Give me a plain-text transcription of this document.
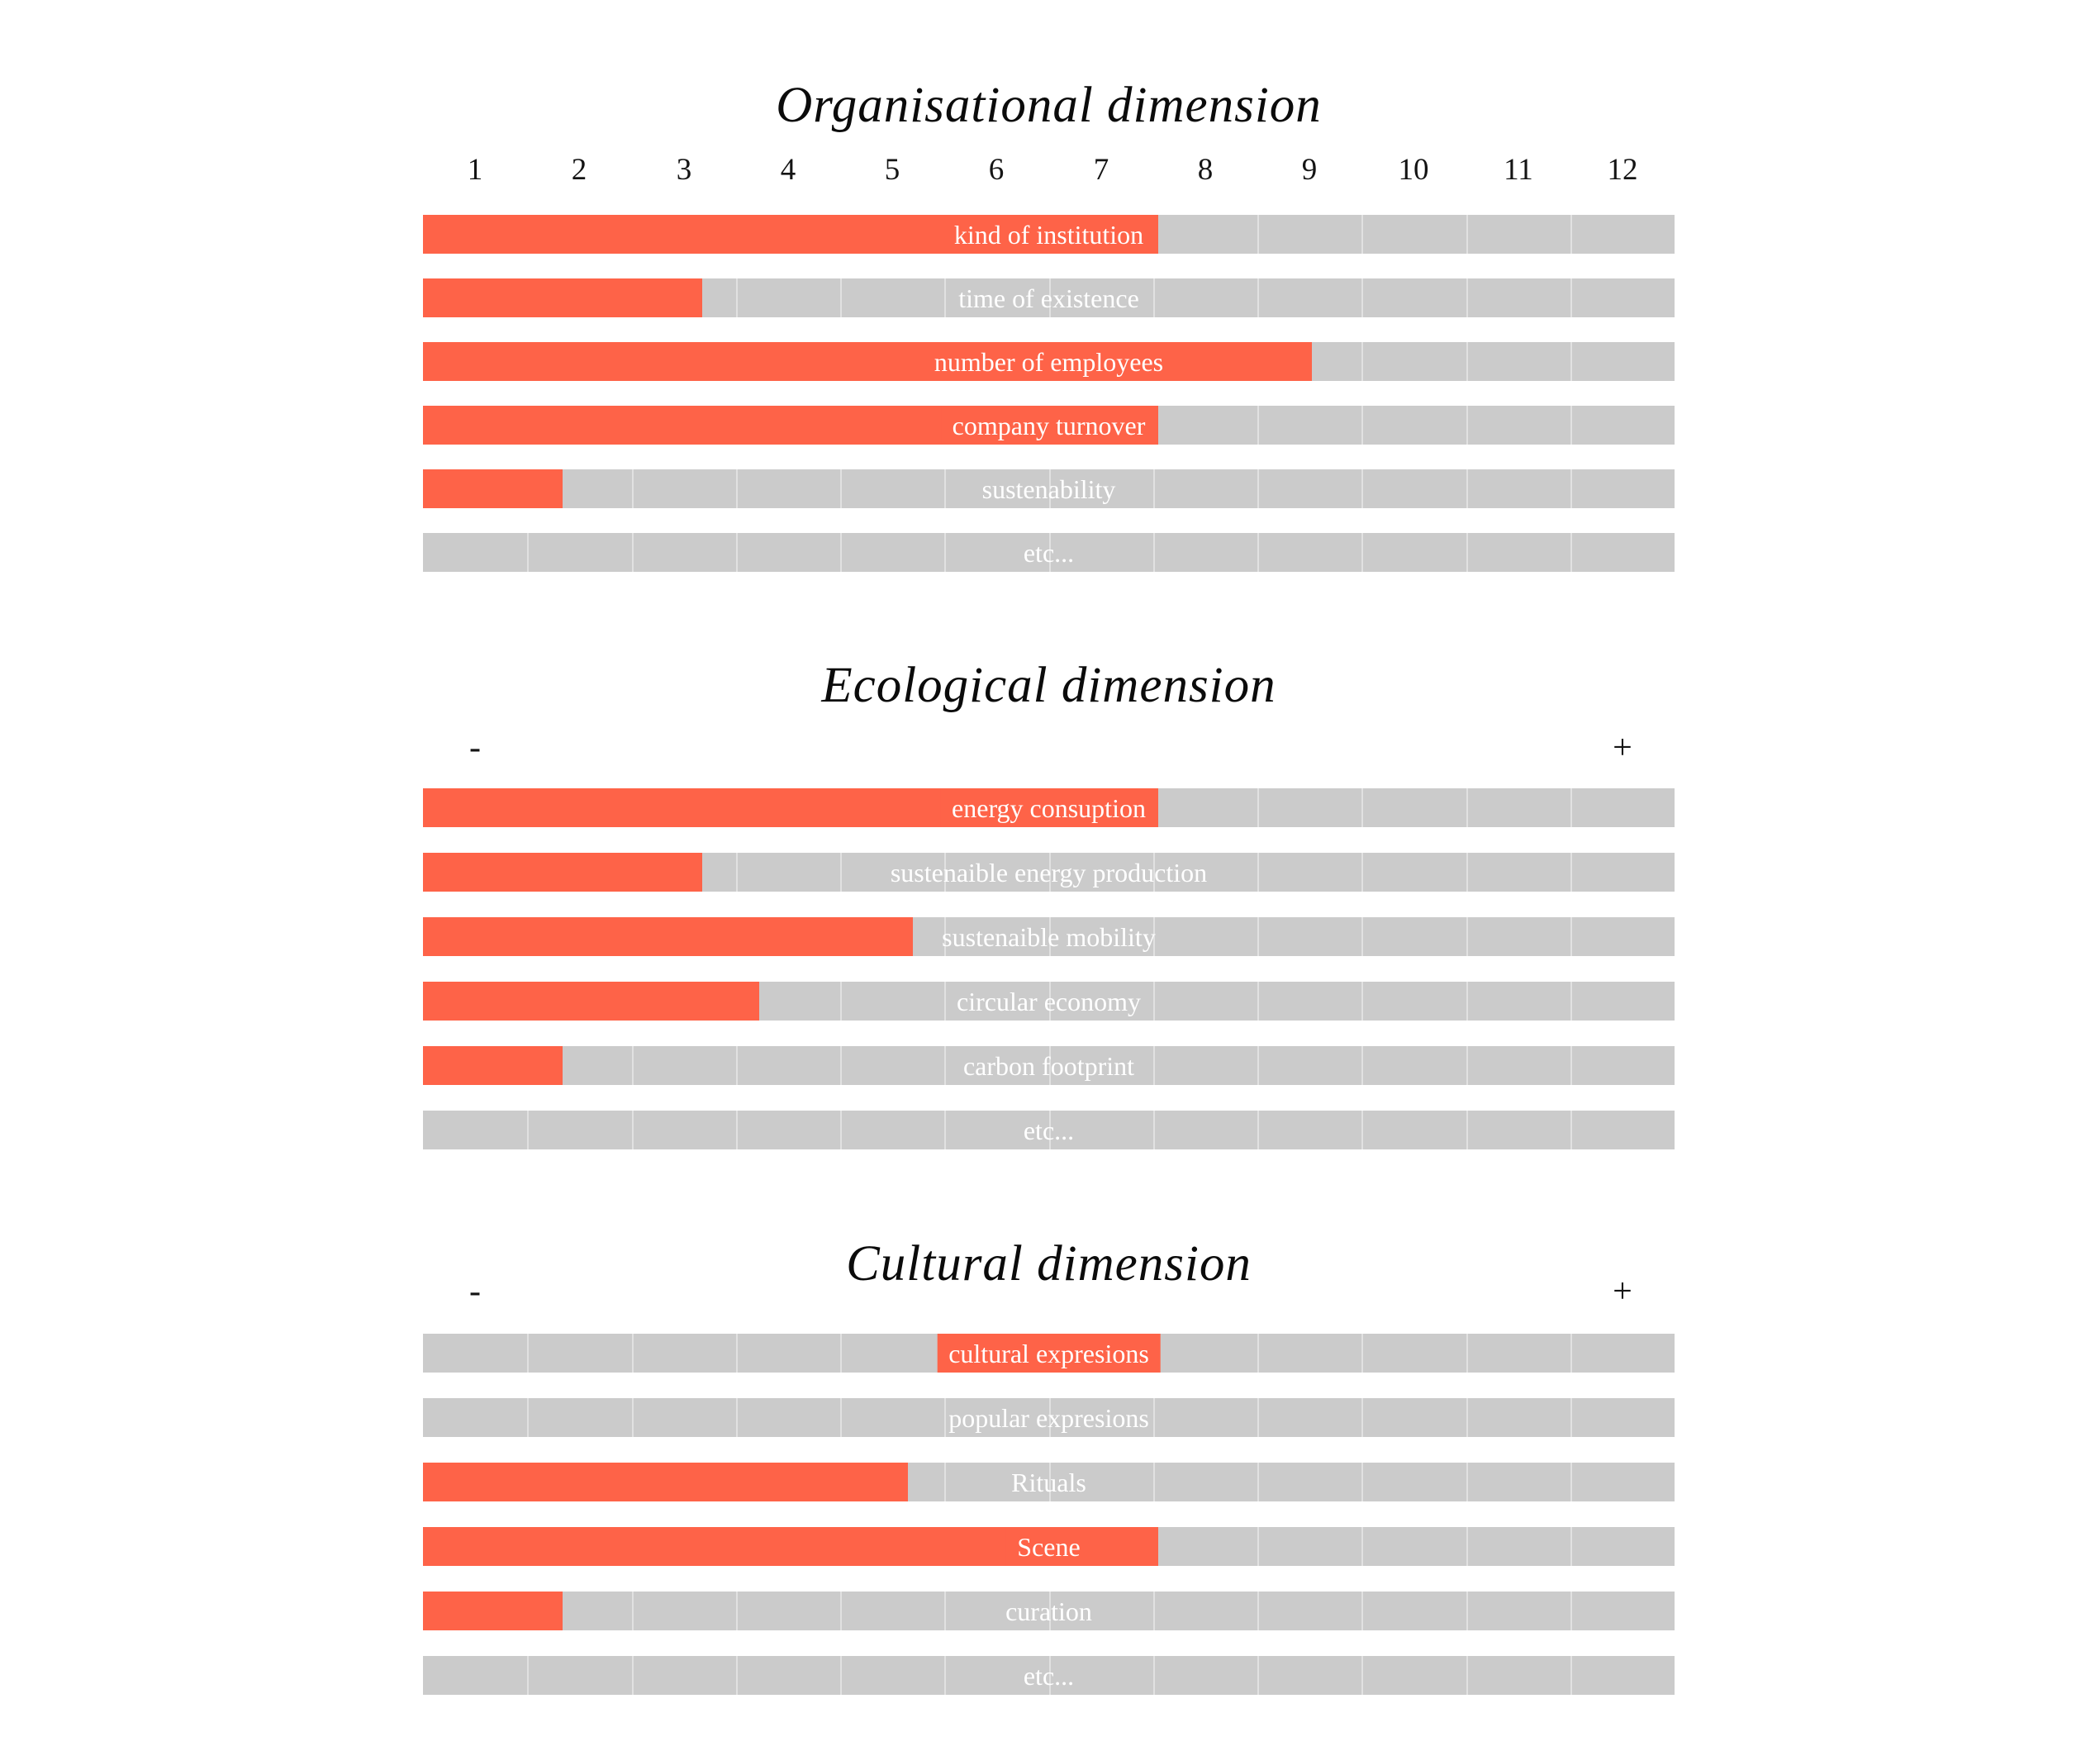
Organisational dimension
1	2	3	4	5	6	7	8	9	10	11	12
kind of institution
time of existence
number of employees
company turnover
sustenability
etc...
Ecological dimension
-	+
energy consuption
sustenaible energy production
sustenaible mobility
circular economy
carbon footprint
etc...
Cultural dimension
-	+
cultural expresions
popular expresions
Rituals
Scene
curation
etc...
